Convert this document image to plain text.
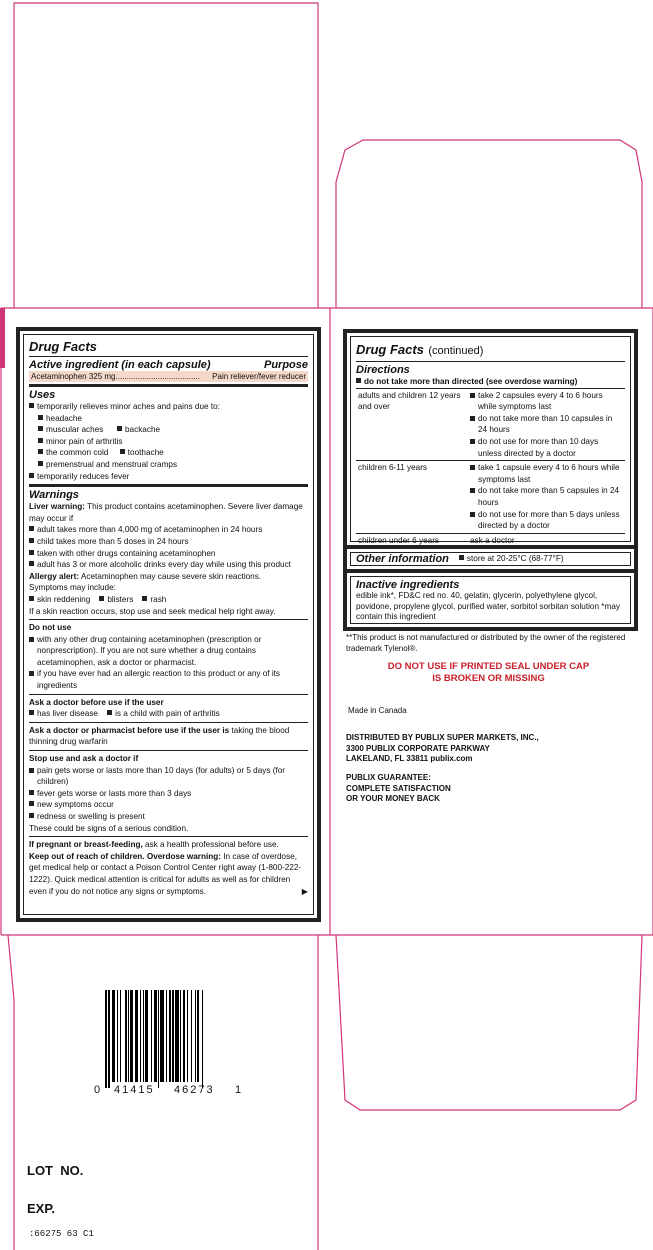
Drug Facts
Active ingredient (in each capsule)	Purpose
Acetaminophen 325 mg ......................................	Pain reliever/fever reducer
Uses
temporarily relieves minor aches and pains due to:
headache
muscular aches	backache
minor pain of arthritis
the common cold toothache
premenstrual and menstrual cramps
temporarily reduces fever
Warnings
Liver warning: This product contains acetaminophen. Severe liver damage may occur if
adult takes more than 4,000 mg of acetaminophen in 24 hours
child takes more than 5 doses in 24 hours
taken with other drugs containing acetaminophen
adult has 3 or more alcoholic drinks every day while using this product
Allergy alert: Acetaminophen may cause severe skin reactions.
Symptoms may include:
skin reddening blisters rash
If a skin reaction occurs, stop use and seek medical help right away.
Do not use
with any other drug containing acetaminophen (prescription or nonprescription). If you are not sure whether a drug contains acetaminophen, ask a doctor or pharmacist.
if you have ever had an allergic reaction to this product or any of its ingredients
Ask a doctor before use if the user
has liver disease is a child with pain of arthritis
Ask a doctor or pharmacist before use if the user is taking the blood thinning drug warfarin
Stop use and ask a doctor if
pain gets worse or lasts more than 10 days (for adults) or 5 days (for children)
fever gets worse or lasts more than 3 days
new symptoms occur
redness or swelling is present
These could be signs of a serious condition.
If pregnant or breast-feeding, ask a health professional before use.
Keep out of reach of children. Overdose warning: In case of overdose, get medical help or contact a Poison Control Center right away (1-800-222-1222). Quick medical attention is critical for adults as well as for children even if you do not notice any signs or symptoms.	▶
Drug Facts (continued)
Directions
do not take more than directed (see overdose warning)
adults and children 12 years and over	take 2 capsules every 4 to 6 hours while symptoms last
do not take more than 10 capsules in 24 hours
do not use for more than 10 days unless directed by a doctor

children 6-11 years	take 1 capsule every 4 to 6 hours while symptoms last
do not take more than 5 capsules in 24 hours
do not use for more than 5 days unless directed by a doctor

children under 6 years	ask a doctor
Other information	store at 20-25°C (68-77°F)
Inactive ingredients
edible ink*, FD&C red no. 40, gelatin, glycerin, polyethylene glycol, povidone, propylene glycol, purified water, sorbitol sorbitan solution *may contain this ingredient
**This product is not manufactured or distributed by the owner of the registered trademark Tylenol®.
DO NOT USE IF PRINTED SEAL UNDER CAP
IS BROKEN OR MISSING
Made in Canada
DISTRIBUTED BY PUBLIX SUPER MARKETS, INC.,
3300 PUBLIX CORPORATE PARKWAY
LAKELAND, FL 33811 publix.com
PUBLIX GUARANTEE:
COMPLETE SATISFACTION
OR YOUR MONEY BACK
0 41415 46273 1
LOT  NO.
EXP.
:66275 63 C1
